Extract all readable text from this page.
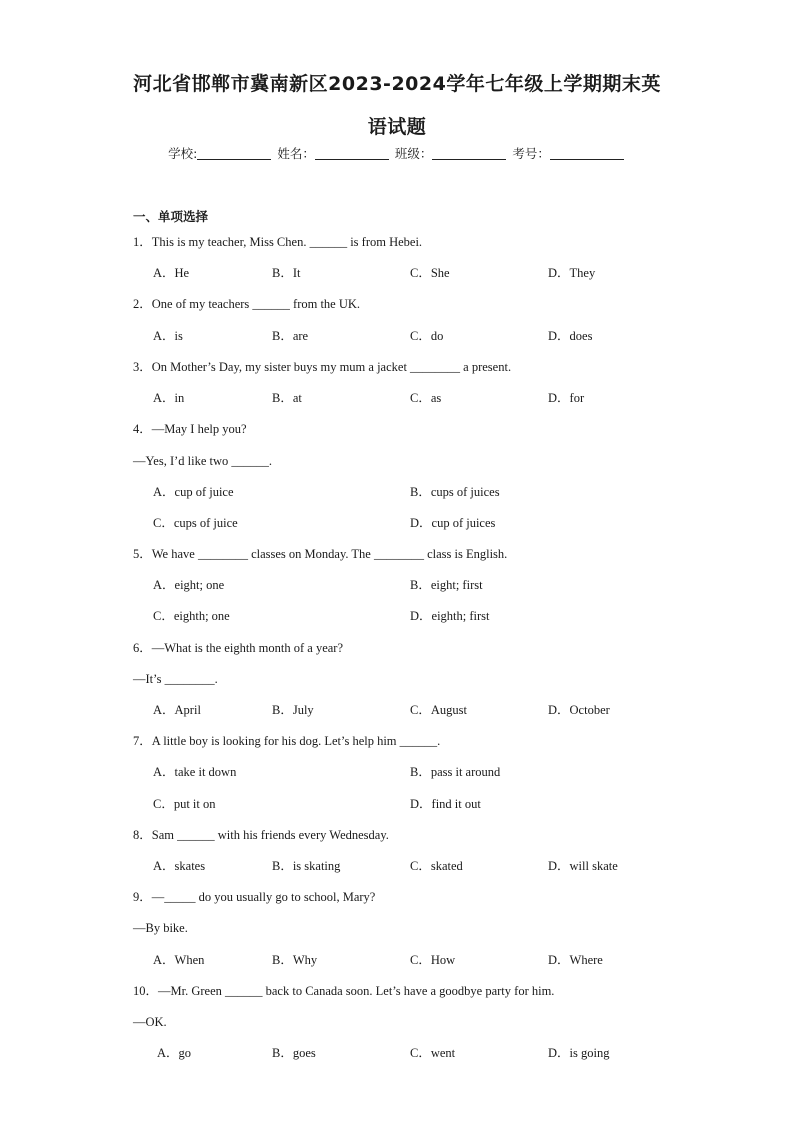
河北省邯郸市冀南新区2023-2024学年七年级上学期期末英
语试题
学校:	姓名：	班级：	考号：
一、单项选择
1．This is my teacher, Miss Chen. ______ is from Hebei.
A．He	B．It	C．She	D．They
2．One of my teachers ______ from the UK.
A．is	B．are	C．do	D．does
3．On Mother’s Day, my sister buys my mum a jacket ________ a present.
A．in	B．at	C．as	D．for
4．—May I help you?
—Yes, I’d like two ______.
A．cup of juice	B．cups of juices
C．cups of juice	D．cup of juices
5．We have ________ classes on Monday. The ________ class is English.
A．eight; one	B．eight; first
C．eighth; one	D．eighth; first
6．—What is the eighth month of a year?
—It’s ________.
A．April	B．July	C．August	D．October
7．A little boy is looking for his dog. Let’s help him ______.
A．take it down	B．pass it around
C．put it on	D．find it out
8．Sam ______ with his friends every Wednesday.
A．skates	B．is skating	C．skated	D．will skate
9．—_____ do you usually go to school, Mary?
—By bike.
A．When	B．Why	C．How	D．Where
10．—Mr. Green ______ back to Canada soon. Let’s have a goodbye party for him.
—OK.
A．go	B．goes	C．went	D．is going
